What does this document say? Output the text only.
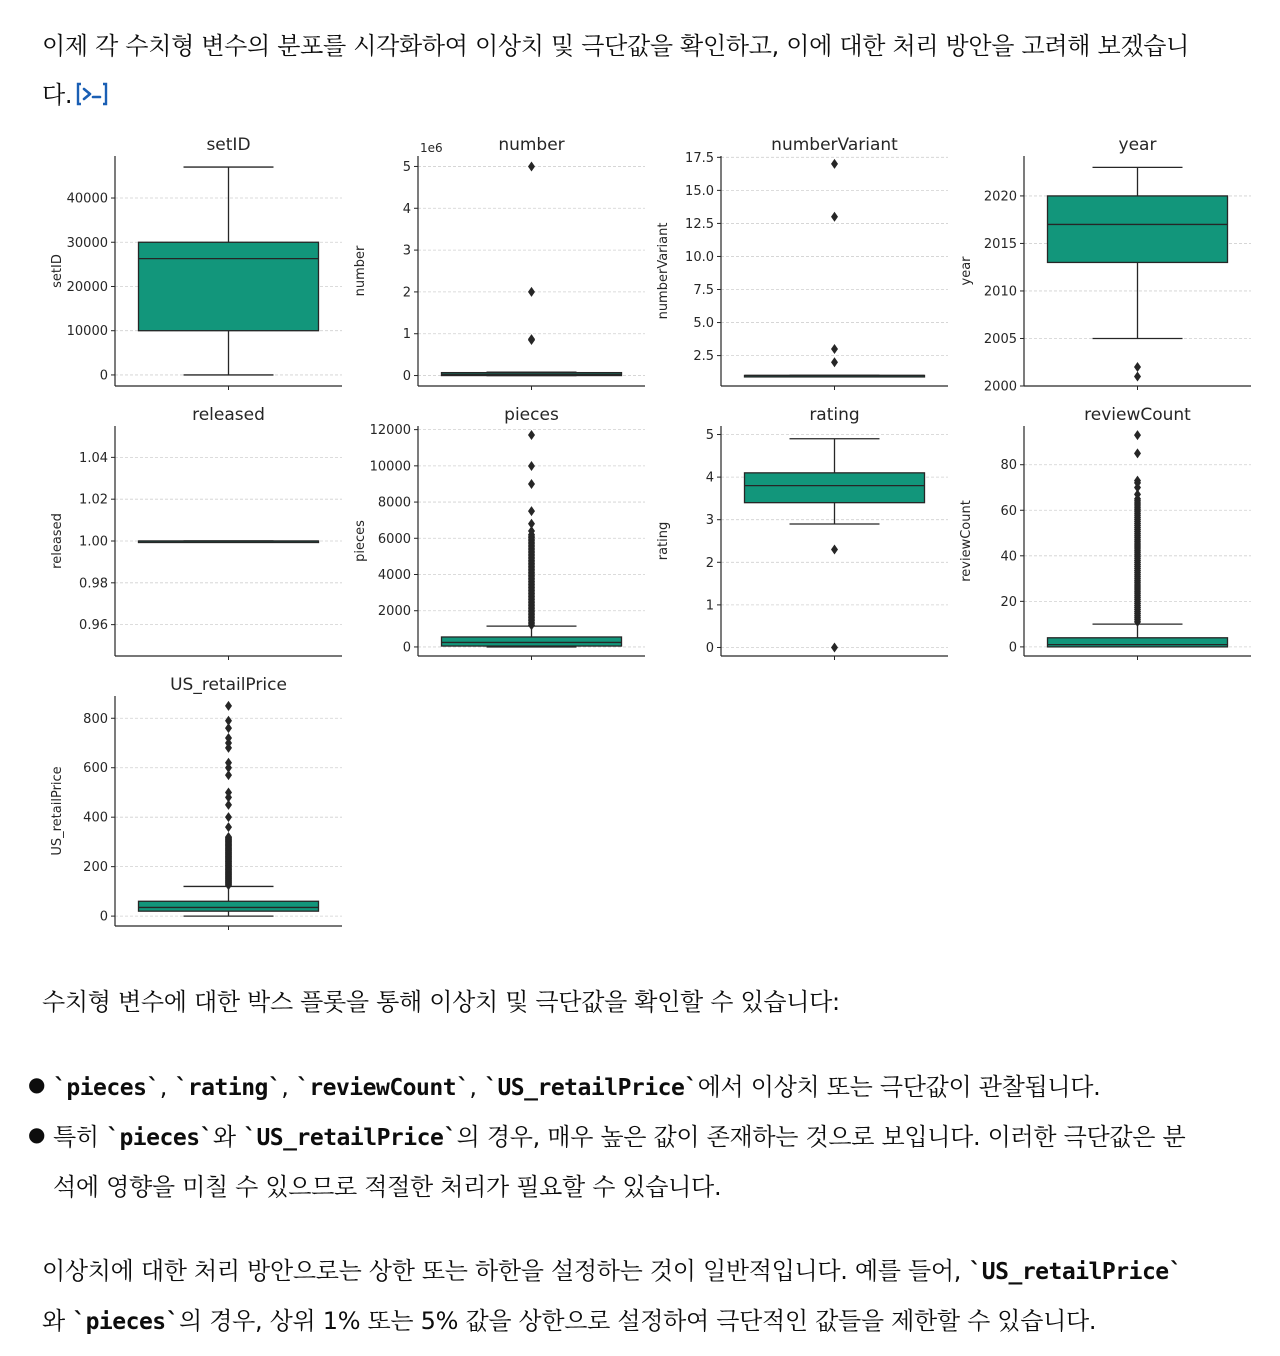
이제 각 수치형 변수의 분포를 시각화하여 이상치 및 극단값을 확인하고, 이에 대한 처리 방안을 고려해 보겠습니
다.
0
10000
20000
30000
40000
setID
setID
0
1
2
3
4
5
number
number
1e6
2.5
5.0
7.5
10.0
12.5
15.0
17.5
numberVariant
numberVariant
2000
2005
2010
2015
2020
year
year
0.96
0.98
1.00
1.02
1.04
released
released
0
2000
4000
6000
8000
10000
12000
pieces
pieces
0
1
2
3
4
5
rating
rating
0
20
40
60
80
reviewCount
reviewCount
0
200
400
600
800
US_retailPrice
US_retailPrice
수치형 변수에 대한 박스 플롯을 통해 이상치 및 극단값을 확인할 수 있습니다:
● `pieces`, `rating`, `reviewCount`, `US_retailPrice`에서 이상치 또는 극단값이 관찰됩니다.
● 특히 `pieces`와 `US_retailPrice`의 경우, 매우 높은 값이 존재하는 것으로 보입니다. 이러한 극단값은 분
석에 영향을 미칠 수 있으므로 적절한 처리가 필요할 수 있습니다.
이상치에 대한 처리 방안으로는 상한 또는 하한을 설정하는 것이 일반적입니다. 예를 들어, `US_retailPrice`
와 `pieces`의 경우, 상위 1% 또는 5% 값을 상한으로 설정하여 극단적인 값들을 제한할 수 있습니다.
